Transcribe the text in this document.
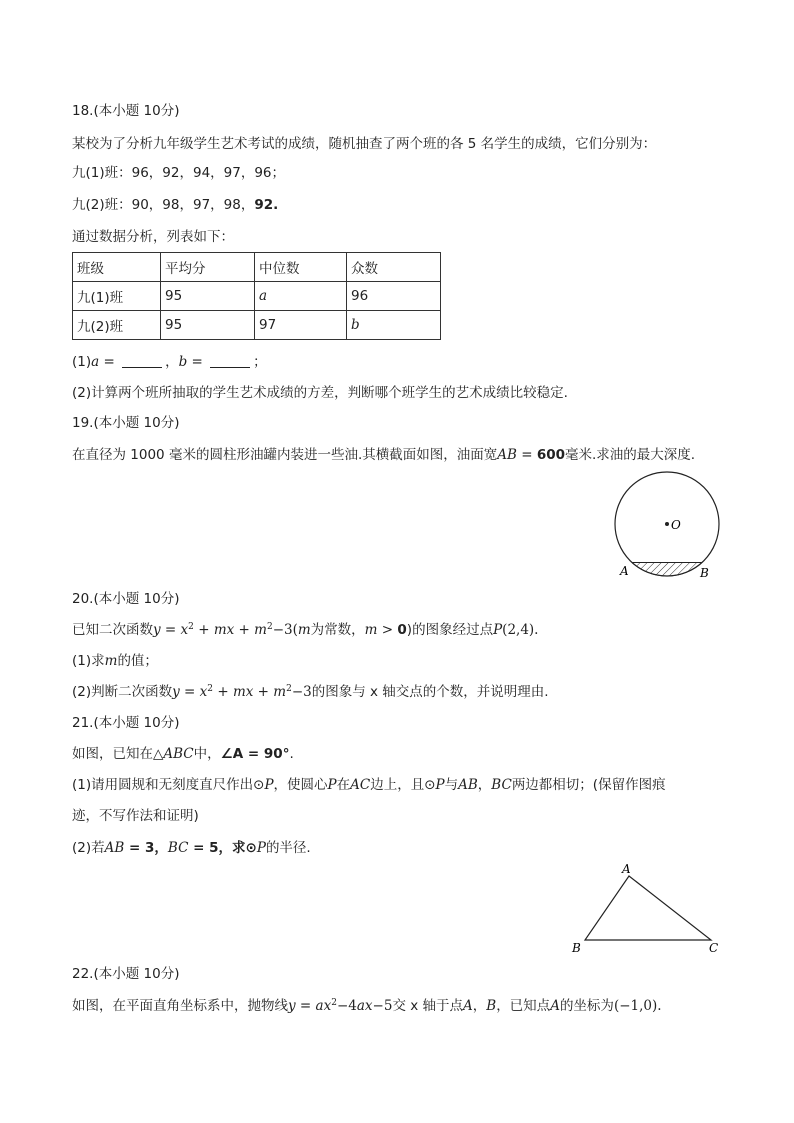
18.(本小题 10分)
某校为了分析九年级学生艺术考试的成绩，随机抽查了两个班的各 5 名学生的成绩，它们分别为：
九(1)班：96，92，94，97，96；
九(2)班：90，98，97，98，92.
通过数据分析，列表如下：
班级	平均分	中位数	众数
九(1)班	95	a	96
九(2)班	95	97	b
(1)a =	，b =	；
(2)计算两个班所抽取的学生艺术成绩的方差，判断哪个班学生的艺术成绩比较稳定.
19.(本小题 10分)
在直径为 1000 毫米的圆柱形油罐内装进一些油.其横截面如图，油面宽AB = 600毫米.求油的最大深度.
O
A	B
20.(本小题 10分)
已知二次函数$y = x^2$ + mx + $m^2-3(m$为常数，m > 0)的图象经过点P(2,4).
(1)求m的值；
(2)判断二次函数$y = x^2$ + mx + $m^2-3$的图象与 x 轴交点的个数，并说明理由.
21.(本小题 10分)
如图，已知在△ABC中，∠A = 90°.
(1)请用圆规和无刻度直尺作出⊙P，使圆心P在AC边上，且⊙P与AB，BC两边都相切；(保留作图痕
迹，不写作法和证明)
(2)若AB = 3，BC = 5，求⊙P的半径.
A
B	C
22.(本小题 10分)
如图，在平面直角坐标系中，抛物线$y = ax^2-4ax-5$交 x 轴于点A，B，已知点A的坐标为(−1,0).
